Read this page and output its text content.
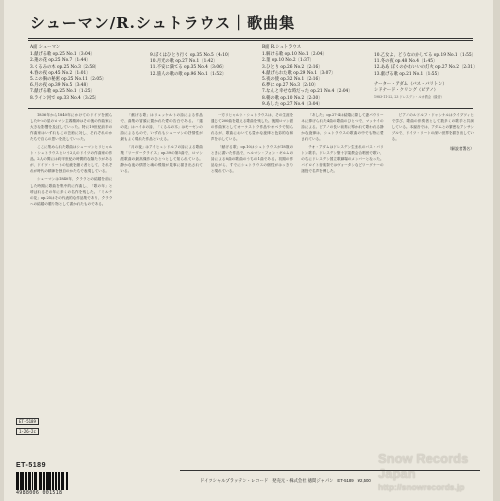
シューマン/R.シュトラウス｜歌曲集
A面 シューマン
1.献げる歌 op.25 No.1〔3:04〕
2.蓮の花 op.25 No.7〔1:44〕
3.くるみの木 op.25 No.3〔2:58〕
4.春の夜 op.45 No.2〔1:01〕
5.この胸の秘密 op.25 No.11〔2:05〕
6.月の夜 op.39 No.5〔3:48〕
7.献げる歌 op.25 No.1〔1:25〕
8.ライン河で op.33 No.4〔3:25〕
9.ぼくはひとり行く op.35 No.5〔4:10〕
10.月光の歌 op.27 No.1〔1:42〕
11.不安に満てる op.35 No.4〔3:06〕
12.旅人の歌の歌 op.96 No.1〔1:52〕
B面 R.シュトラウス
1.解ける歌 op.10 No.1〔2:04〕
2.菫 op.10 No.2〔1:37〕
3.ひとり op.26 No.2〔2:16〕
4.献げられた歌 op.29 No.1〔3:07〕
5.夜の使 op.32 No.1〔2:16〕
6.夢に op.27 No.3〔2:10〕
7.なんと幸せな時だった op.21 No.4〔2:04〕
8.朝の歌 op.10 No.2〔2:30〕
9.あした op.27 No.4〔3:04〕
10.乙女よ、どうなのかしてる op.19 No.1〔1:55〕
11.冬の夜 op.48 No.4〔1:45〕
12.ああ ぼくのかわいいの灯火 op.27 No.2〔2:31〕
13.献げる歌 op.21 No.1〔1:55〕
ナーター・アダム（バス・バリトン）
シドナード・クリング（ピアノ）
1983-11-22, 23 ドレスデン・ルカ教会（録音）

1836年から1840年にかけてのドイツを照らした9つの星のロマン主義精神はその後の作曲家に大きな影響を及ぼしていった。特に19世紀前半の作曲家はいずれもこの芸術に対し、それぞれのかたちで自らの思いを託していった。

ここに集められた歌曲はシューマンとリヒャルト・シュトラウスという2人のドイツの作曲家の作品。2人の間には約半世紀の時間的な隔たりがあるが、ドイツ・リートの伝統を継ぐ者として、それぞれが時代の精神を独自のかたちで表現している。

シューマンは1840年、クララとの結婚を前にした時期に歌曲を集中的に作曲し、「歌の年」と呼ばれるその年に多くの名作を残した。「ミルテの花」op.25はその代表的な作品集であり、クララへの結婚の贈り物として書かれたものである。

「献げる歌」はリュッケルトの詩による作品で、曲集の冒頭に置かれた愛の告白である。「蓮の花」はハイネの詩、「くるみの木」はモーゼンの詩によるもので、いずれもシューマンの抒情性が最もよく現れた作品といえる。

「月の夜」はアイヒェンドルフの詩による歌曲集「リーダークライス」op.39の第5曲で、ロマン派歌曲の最高傑作のひとつとして知られている。静かな夜の情景と魂の飛翔が見事に描き出されている。

一方リヒャルト・シュトラウスは、その生涯を通じて200曲を超える歌曲を残した。後期ロマン派の作曲家としてオーケストラ作品やオペラで知られるが、歌曲においても豊かな旋律と色彩的な和声を示している。

「献げる歌」op.10はシュトラウスが18歳のときに書いた作品で、ヘルマン・フォン・ギルムの詩による8曲の歌曲のうちの1曲である。初期の作品ながら、すでにシュトラウスの個性がはっきりと現れている。

「あした」op.27-4は結婚に際して妻パウリーネに捧げられた4曲の歌曲のひとつで、マッケイの詩による。ピアノの長い前奏に導かれて歌われる静かな旋律は、シュトラウスの歌曲の中でも特に愛されている。

テオ・アダムはドレスデン生まれのバス・バリトン歌手。ドレスデン聖十字架教会合唱団で歌い、のちにドレスデン国立歌劇場のメンバーとなった。バイロイト音楽祭ではヴォータンなどワーグナーの諸役で名声を博した。

ピアノのルドルフ・ドゥンケルはライプツィヒで学び、歌曲の伴奏者として数多くの歌手と共演している。本録音では、アダムとの緊密なアンサンブルで、ドイツ・リートの深い世界を描き出している。

（解説者署名）
ET-5189
1-26-2c
ET-5189
4988006 001518
Snow Records Japan
http://snowrecords.jp
ドイツシャルプラッテン・レコード 発売元・株式会社 徳間ジャパン ET-5189 ¥2,500
